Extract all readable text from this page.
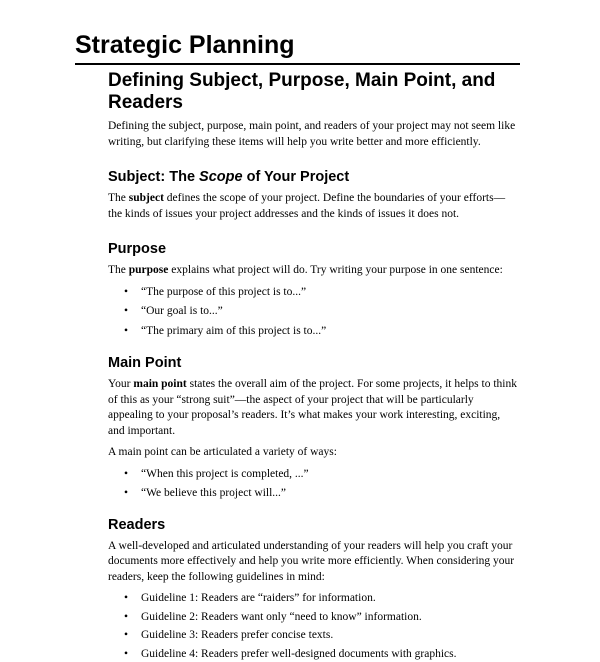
Strategic Planning
Defining Subject, Purpose, Main Point, and Readers

Defining the subject, purpose, main point, and readers of your project may not seem like writing, but clarifying these items will help you write better and more efficiently.

Subject: The Scope of Your Project

The subject defines the scope of your project. Define the boundaries of your efforts—the kinds of issues your project addresses and the kinds of issues it does not.

Purpose

The purpose explains what project will do. Try writing your purpose in one sentence:

• “The purpose of this project is to...”
• “Our goal is to...”
• “The primary aim of this project is to...”
Main Point

Your main point states the overall aim of the project. For some projects, it helps to think of this as your “strong suit”—the aspect of your project that will be particularly appealing to your proposal’s readers. It’s what makes your work interesting, exciting, and important.

A main point can be articulated a variety of ways:

• “When this project is completed, ...”
• “We believe this project will...”
Readers

A well-developed and articulated understanding of your readers will help you craft your documents more effectively and help you write more efficiently. When considering your readers, keep the following guidelines in mind:

• Guideline 1: Readers are “raiders” for information.
• Guideline 2: Readers want only “need to know” information.
• Guideline 3: Readers prefer concise texts.
• Guideline 4: Readers prefer well-designed documents with graphics.
